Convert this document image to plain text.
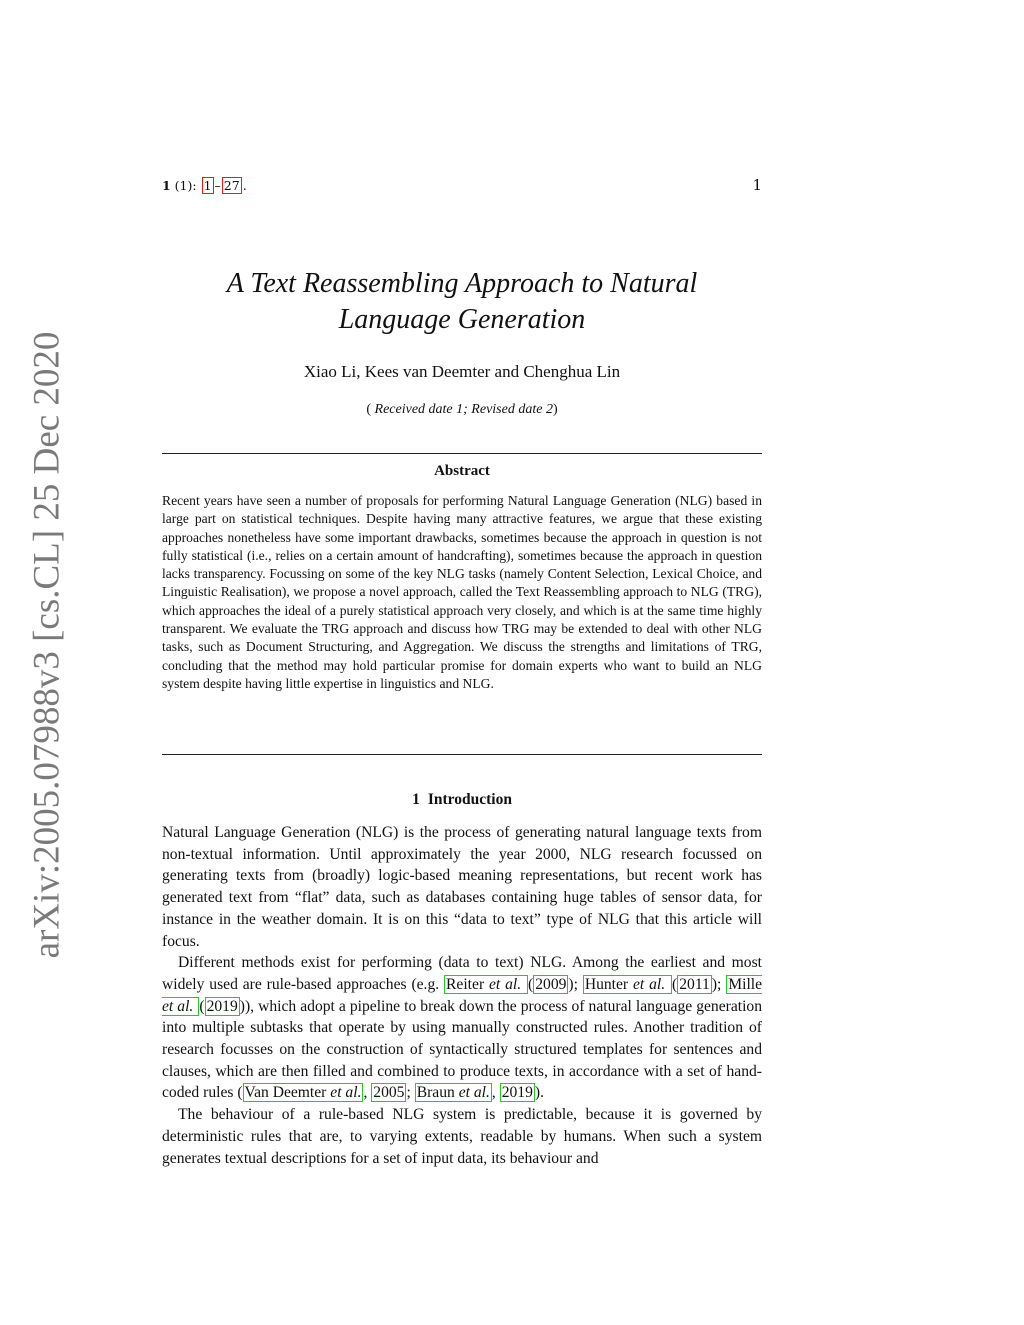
arXiv:2005.07988v3 [cs.CL] 25 Dec 2020
1 (1): 1 – 27 .	1
A Text Reassembling Approach to Natural
Language Generation
Xiao Li, Kees van Deemter and Chenghua Lin
( Received date 1; Revised date 2)
Abstract

Recent years have seen a number of proposals for performing Natural Language Generation (NLG) based in large part on statistical techniques. Despite having many attractive features, we argue that these existing approaches nonetheless have some important drawbacks, sometimes because the approach in question is not fully statistical (i.e., relies on a certain amount of handcrafting), sometimes because the approach in question lacks transparency. Focussing on some of the key NLG tasks (namely Content Selection, Lexical Choice, and Linguistic Realisation), we propose a novel approach, called the Text Reassembling approach to NLG (TRG), which approaches the ideal of a purely statistical approach very closely, and which is at the same time highly transparent. We evaluate the TRG approach and discuss how TRG may be extended to deal with other NLG tasks, such as Document Structuring, and Aggregation. We discuss the strengths and limitations of TRG, concluding that the method may hold particular promise for domain experts who want to build an NLG system despite having little expertise in linguistics and NLG.

1 Introduction

Natural Language Generation (NLG) is the process of generating natural language texts from non-textual information. Until approximately the year 2000, NLG research focussed on generating texts from (broadly) logic-based meaning representations, but recent work has generated text from “flat” data, such as databases containing huge tables of sensor data, for instance in the weather domain. It is on this “data to text” type of NLG that this article will focus.

Different methods exist for performing (data to text) NLG. Among the earliest and most widely used are rule-based approaches (e.g. Reiter et al. ( 2009 ); Hunter et al. ( 2011 ); Mille et al. ( 2019 )), which adopt a pipeline to break down the process of natural language generation into multiple subtasks that operate by using manually constructed rules. Another tradition of research focusses on the construction of syntactically structured templates for sentences and clauses, which are then filled and combined to produce texts, in accordance with a set of hand-coded rules ( Van Deemter et al. , 2005 ; Braun et al. , 2019 ).

The behaviour of a rule-based NLG system is predictable, because it is governed by deterministic rules that are, to varying extents, readable by humans. When such a system generates textual descriptions for a set of input data, its behaviour and
